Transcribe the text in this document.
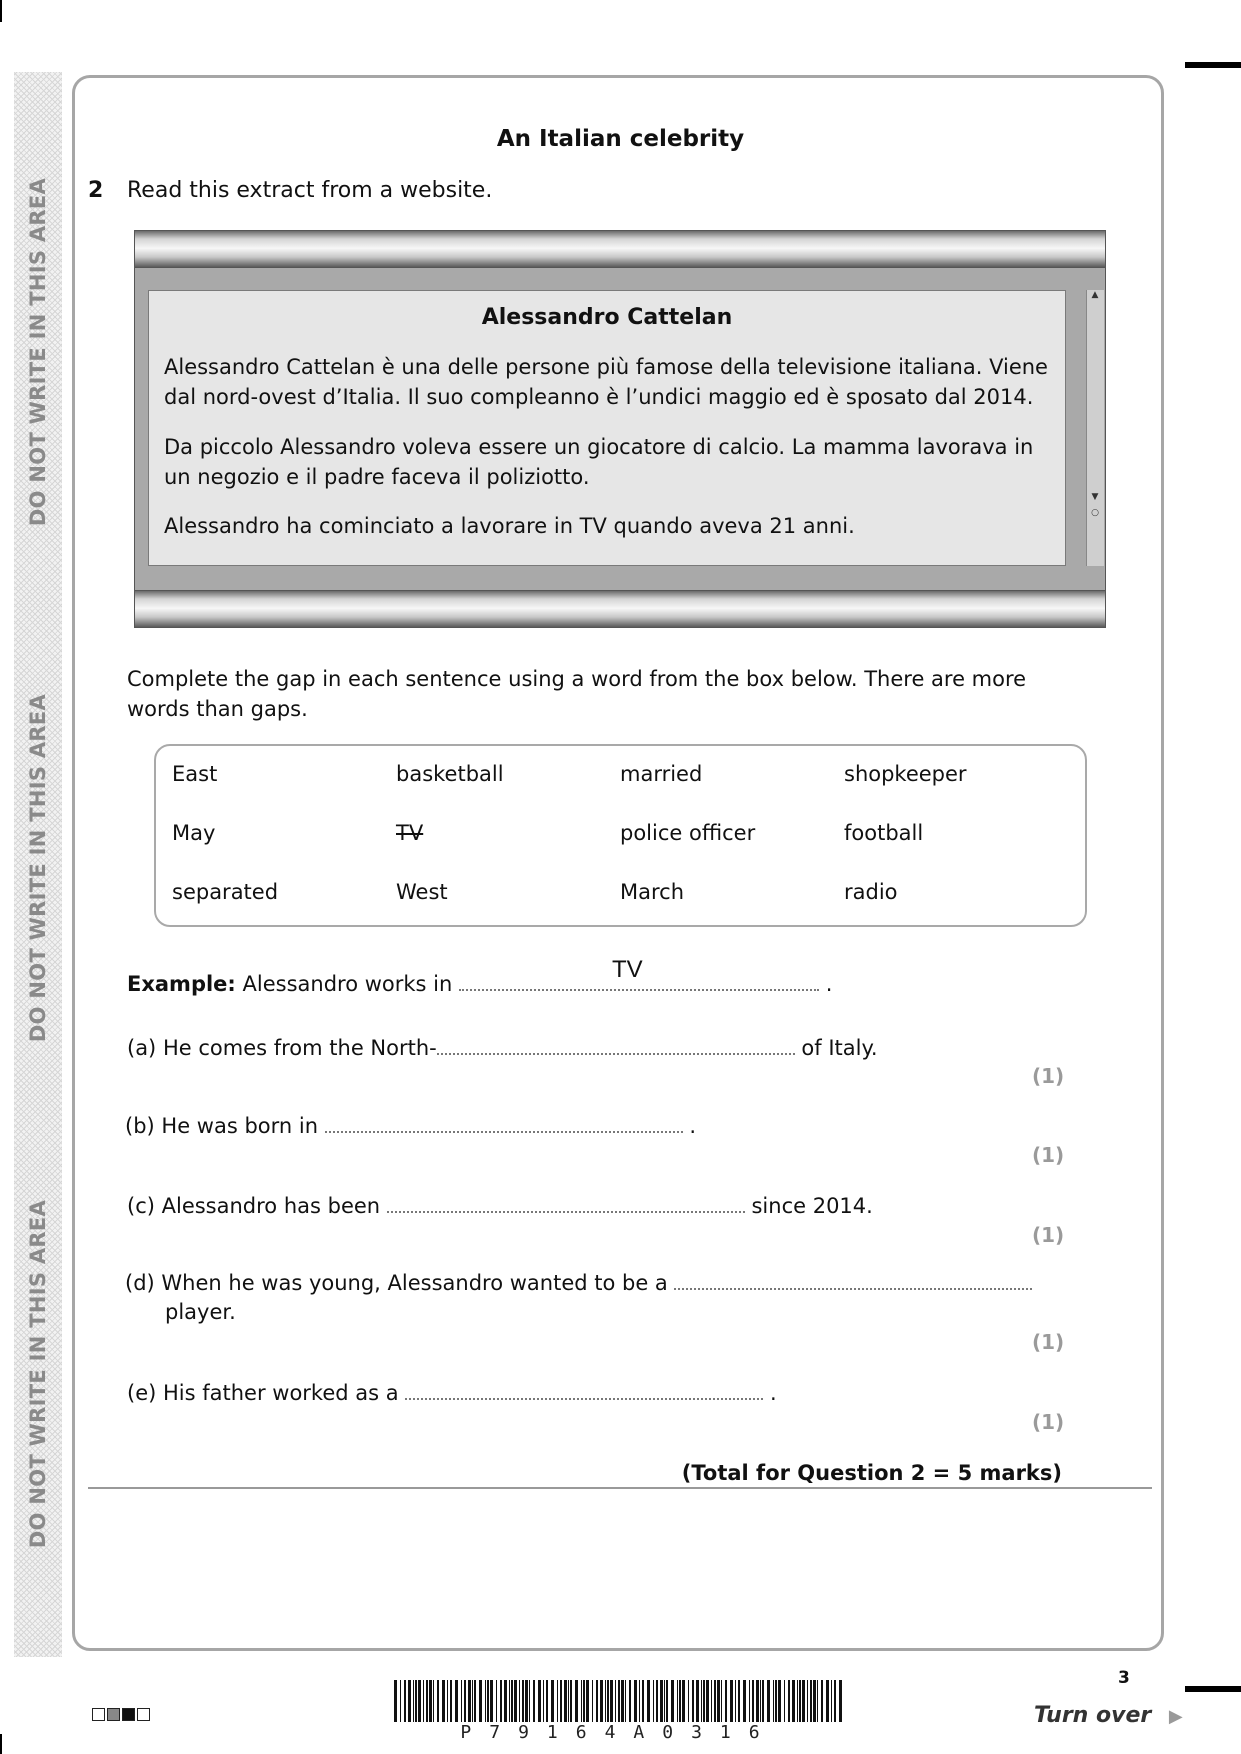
DO NOT WRITE IN THIS AREA
DO NOT WRITE IN THIS AREA
DO NOT WRITE IN THIS AREA
An Italian celebrity
2 Read this extract from a website.
▲
▼
○
Alessandro Cattelan
Alessandro Cattelan è una delle persone più famose della televisione italiana. Viene dal nord-ovest d’Italia. Il suo compleanno è l’undici maggio ed è sposato dal 2014.
Da piccolo Alessandro voleva essere un giocatore di calcio. La mamma lavorava in un negozio e il padre faceva il poliziotto.
Alessandro ha cominciato a lavorare in TV quando aveva 21 anni.
Complete the gap in each sentence using a word from the box below. There are more words than gaps.
East	basketball	married	shopkeeper
May	TV	police officer	football
separated	West	March	radio
Example: Alessandro works in	.
TV
(a) He comes from the North-	of Italy.
(1)
(b) He was born in	.
(1)
(c) Alessandro has been	since 2014.
(1)
(d) When he was young, Alessandro wanted to be a
player.
(1)
(e) His father worked as a	.
(1)
(Total for Question 2 = 5 marks)
P79164A0316
3
Turn over ▶
